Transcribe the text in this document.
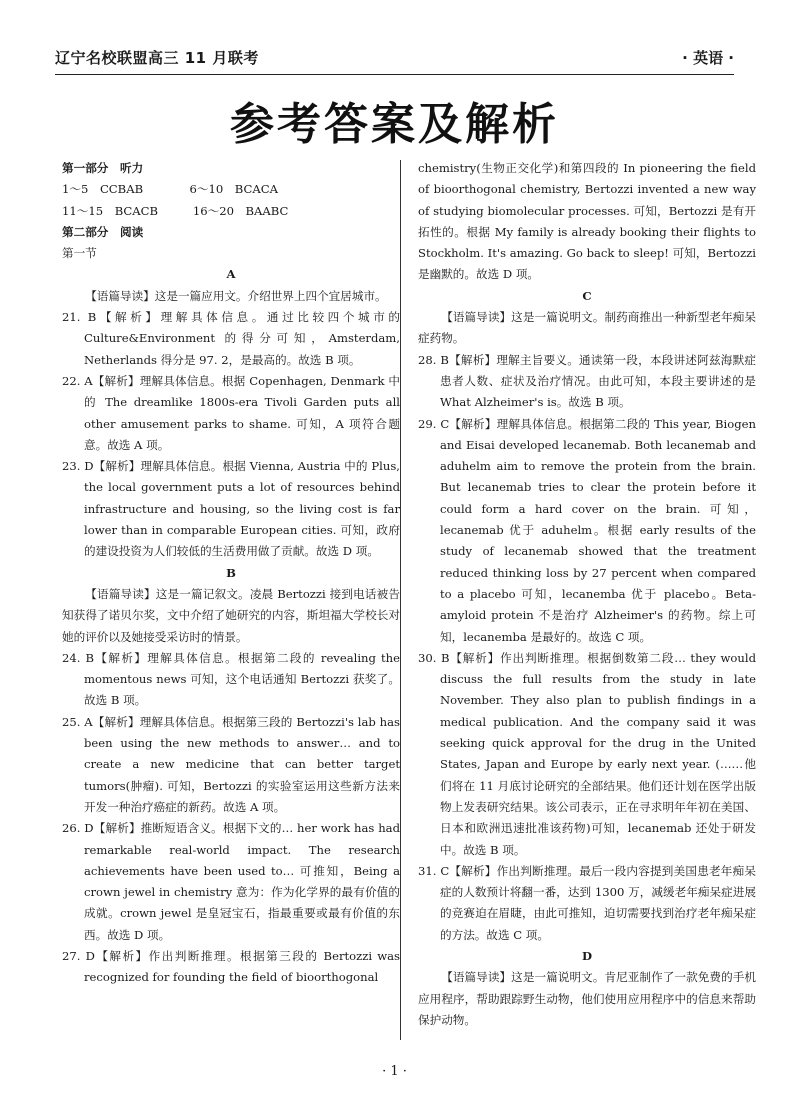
辽宁名校联盟高三 11 月联考	· 英语 ·
参考答案及解析

第一部分　听力

1～5　CCBAB　　　　6～10　BCACA

11～15　BCACB　　　16～20　BAABC

第二部分　阅读

第一节

A

【语篇导读】这是一篇应用文。介绍世界上四个宜居城市。

21. B【解析】理解具体信息。通过比较四个城市的 Culture&Environment 的得分可知，Amsterdam, Netherlands 得分是 97. 2，是最高的。故选 B 项。

22. A【解析】理解具体信息。根据 Copenhagen, Denmark 中的 The dreamlike 1800s-era Tivoli Garden puts all other amusement parks to shame. 可知，A 项符合题意。故选 A 项。

23. D【解析】理解具体信息。根据 Vienna, Austria 中的 Plus, the local government puts a lot of resources behind infrastructure and housing, so the living cost is far lower than in comparable European cities. 可知，政府的建设投资为人们较低的生活费用做了贡献。故选 D 项。

B

【语篇导读】这是一篇记叙文。凌晨 Bertozzi 接到电话被告知获得了诺贝尔奖，文中介绍了她研究的内容，斯坦福大学校长对她的评价以及她接受采访时的情景。

24. B【解析】理解具体信息。根据第二段的 revealing the momentous news 可知，这个电话通知 Bertozzi 获奖了。故选 B 项。

25. A【解析】理解具体信息。根据第三段的 Bertozzi's lab has been using the new methods to answer… and to create a new medicine that can better target tumors(肿瘤). 可知，Bertozzi 的实验室运用这些新方法来开发一种治疗癌症的新药。故选 A 项。

26. D【解析】推断短语含义。根据下文的… her work has had remarkable real-world impact. The research achievements have been used to… 可推知，Being a crown jewel in chemistry 意为：作为化学界的最有价值的成就。crown jewel 是皇冠宝石，指最重要或最有价值的东西。故选 D 项。

27. D【解析】作出判断推理。根据第三段的 Bertozzi was recognized for founding the field of bioorthogonal

chemistry(生物正交化学)和第四段的 In pioneering the field of bioorthogonal chemistry, Bertozzi invented a new way of studying biomolecular processes. 可知，Bertozzi 是有开拓性的。根据 My family is already booking their flights to Stockholm. It's amazing. Go back to sleep! 可知，Bertozzi 是幽默的。故选 D 项。

C

【语篇导读】这是一篇说明文。制药商推出一种新型老年痴呆症药物。

28. B【解析】理解主旨要义。通读第一段，本段讲述阿兹海默症患者人数、症状及治疗情况。由此可知，本段主要讲述的是 What Alzheimer's is。故选 B 项。

29. C【解析】理解具体信息。根据第二段的 This year, Biogen and Eisai developed lecanemab. Both lecanemab and aduhelm aim to remove the protein from the brain. But lecanemab tries to clear the protein before it could form a hard cover on the brain. 可知，lecanemab 优于 aduhelm。根据 early results of the study of lecanemab showed that the treatment reduced thinking loss by 27 percent when compared to a placebo 可知，lecanemba 优于 placebo。Beta-amyloid protein 不是治疗 Alzheimer's 的药物。综上可知，lecanemba 是最好的。故选 C 项。

30. B【解析】作出判断推理。根据倒数第二段… they would discuss the full results from the study in late November. They also plan to publish findings in a medical publication. And the company said it was seeking quick approval for the drug in the United States, Japan and Europe by early next year. (……他们将在 11 月底讨论研究的全部结果。他们还计划在医学出版物上发表研究结果。该公司表示，正在寻求明年年初在美国、日本和欧洲迅速批准该药物)可知，lecanemab 还处于研发中。故选 B 项。

31. C【解析】作出判断推理。最后一段内容提到美国患老年痴呆症的人数预计将翻一番，达到 1300 万，减缓老年痴呆症进展的竞赛迫在眉睫，由此可推知，迫切需要找到治疗老年痴呆症的方法。故选 C 项。

D

【语篇导读】这是一篇说明文。肯尼亚制作了一款免费的手机应用程序，帮助跟踪野生动物，他们使用应用程序中的信息来帮助保护动物。

· 1 ·
